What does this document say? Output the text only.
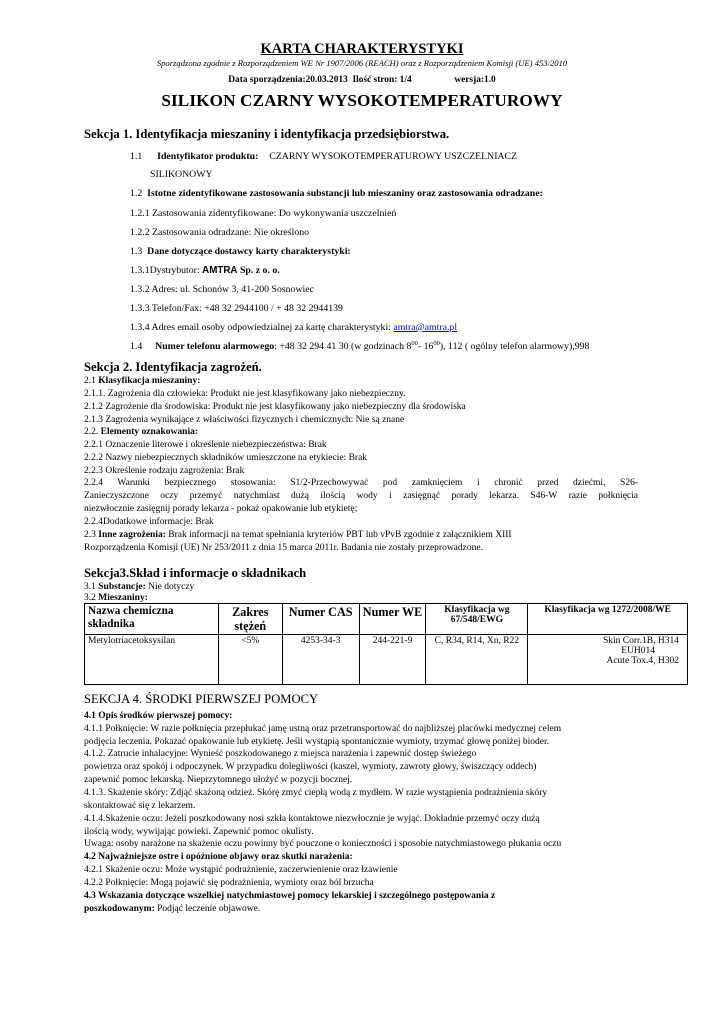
KARTA CHARAKTERYSTYKI
Sporządzona zgodnie z Rozporządzeniem WE Nr 1907/2006 (REACH) oraz z Rozporządzeniem Komisji (UE) 453/2010
Data sporządzenia:20.03.2013 Ilość stron: 1/4	wersja:1.0
SILIKON CZARNY WYSOKOTEMPERATUROWY
Sekcja 1. Identyfikacja mieszaniny i identyfikacja przedsiębiorstwa.
1.1 Identyfikator produktu: CZARNY WYSOKOTEMPERATUROWY USZCZELNIACZ
SILIKONOWY
1.2 Istotne zidentyfikowane zastosowania substancji lub mieszaniny oraz zastosowania odradzane:
1.2.1 Zastosowania zidentyfikowane: Do wykonywania uszczelnień
1.2.2 Zastosowania odradzane: Nie określono
1.3 Dane dotyczące dostawcy karty charakterystyki:
1.3.1Dystrybutor: AMTRA Sp. z o. o.
1.3.2 Adres: ul. Schonów 3, 41-200 Sosnowiec
1.3.3 Telefon/Fax: +48 32 2944100 / + 48 32 2944139
1.3.4 Adres email osoby odpowiedzialnej za kartę charakterystyki: amtra@amtra.pl
1.4 Numer telefonu alarmowego: +48 32 294 41 30 (w godzinach $8^{00}-$ $16^{00}$), 112 ( ogólny telefon alarmowy),998
Sekcja 2. Identyfikacja zagrożeń.
2.1 Klasyfikacja mieszaniny:
2.1.1. Zagrożenia dla człowieka: Produkt nie jest klasyfikowany jako niebezpieczny.
2.1.2 Zagrożenie dla środowiska: Produkt nie jest klasyfikowany jako niebezpieczny dla środowiska
2.1.3 Zagrożenia wynikające z właściwości fizycznych i chemicznych: Nie są znane
2.2. Elementy oznakowania:
2.2.1 Oznaczenie literowe i określenie niebezpieczeństwa: Brak
2.2.2 Nazwy niebezpiecznych składników umieszczone na etykiecie: Brak
2.2.3 Określenie rodzaju zagrożenia: Brak
2.2.4 Warunki bezpiecznego stosowania: S1/2-Przechowywać pod zamknięciem i chronić przed dziećmi, S26-
Zanieczyszczone oczy przemyć natychmiast dużą ilością wody i zasięgnąć porady lekarza. S46-W razie połknięcia
niezwłocznie zasięgnij porady lekarza - pokaż opakowanie lub etykietę;
2.2.4Dodatkowe informacje: Brak
2.3 Inne zagrożenia: Brak informacji na temat spełniania kryteriów PBT lub vPvB zgodnie z załącznikiem XIII
Rozporządzenia Komisji (UE) Nr 253/2011 z dnia 15 marca 2011r. Badania nie zostały przeprowadzone.
Sekcja3.Skład i informacje o składnikach
3.1 Substancje: Nie dotyczy
3.2 Mieszaniny:
Nazwa chemiczna składnika	Zakres stężeń	Numer CAS	Numer WE	Klasyfikacja wg 67/548/EWG	Klasyfikacja wg 1272/2008/WE
Metylotriacetoksysilan	<5%	4253-34-3	244-221-9	C, R34, R14, Xn, R22	Skin Corr.1B, H314
EUH014
Acute Tox.4, H302
SEKCJA 4. ŚRODKI PIERWSZEJ POMOCY
4.1 Opis środków pierwszej pomocy:
4.1.1 Połknięcie: W razie połknięcia przepłukać jamę ustną oraz przetransportować do najbliższej placówki medycznej celem
podjęcia leczenia. Pokazać opakowanie lub etykietę. Jeśli wystąpią spontanicznie wymioty, trzymać głowę poniżej bioder.
4.1.2. Zatrucie inhalacyjne: Wynieść poszkodowanego z miejsca narażenia i zapewnić dostęp świeżego
powietrza oraz spokój i odpoczynek. W przypadku dolegliwości (kaszel, wymioty, zawroty głowy, świszczący oddech)
zapewnić pomoc lekarską. Nieprzytomnego ułożyć w pozycji bocznej.
4.1.3. Skażenie skóry: Zdjąć skażoną odzież. Skórę zmyć ciepłą wodą z mydłem. W razie wystąpienia podrażnienia skóry
skontaktować się z lekarzem.
4.1.4.Skażenie oczu: Jeżeli poszkodowany nosi szkła kontaktowe niezwłocznie je wyjąć. Dokładnie przemyć oczy dużą
ilością wody, wywijając powieki. Zapewnić pomoc okulisty.
Uwaga: osoby narażone na skażenie oczu powinny być pouczone o konieczności i sposobie natychmiastowego płukania oczu
4.2 Najważniejsze ostre i opóźnione objawy oraz skutki narażenia:
4.2.1 Skażenie oczu: Może wystąpić podrażnienie, zaczerwienienie oraz łzawienie
4.2.2 Połknięcie: Mogą pojawić się podrażnienia, wymioty oraz ból brzucha
4.3 Wskazania dotyczące wszelkiej natychmiastowej pomocy lekarskiej i szczególnego postępowania z
poszkodowanym: Podjąć leczenie objawowe.
